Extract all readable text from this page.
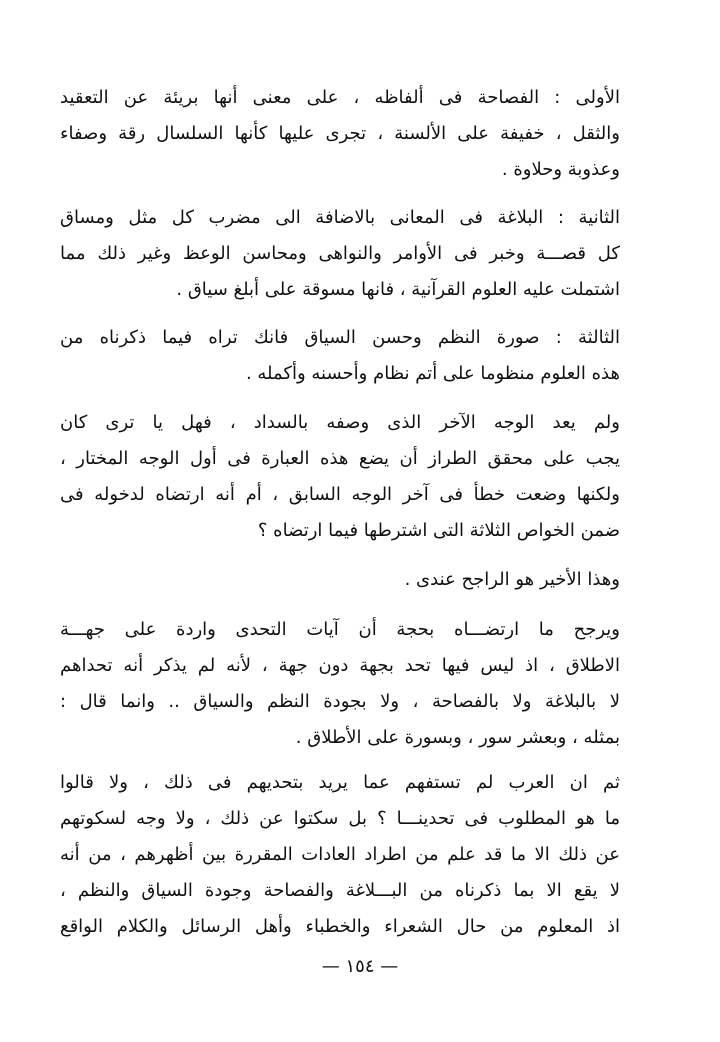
الأولى : الفصاحة فى ألفاظه ، على معنى أنها بريئة عن التعقيد
والثقل ، خفيفة على الألسنة ، تجرى عليها كأنها السلسال رقة وصفاء
وعذوبة وحلاوة .
الثانية : البلاغة فى المعانى بالاضافة الى مضرب كل مثل ومساق
كل قصـــة وخبر فى الأوامر والنواهى ومحاسن الوعظ وغير ذلك مما
اشتملت عليه العلوم القرآنية ، فانها مسوقة على أبلغ سياق .
الثالثة : صورة النظم وحسن السياق فانك تراه فيما ذكرناه من
هذه العلوم منظوما على أتم نظام وأحسنه وأكمله .
ولم يعد الوجه الآخر الذى وصفه بالسداد ، فهل يا ترى كان
يجب على محقق الطراز أن يضع هذه العبارة فى أول الوجه المختار ،
ولكنها وضعت خطأ فى آخر الوجه السابق ، أم أنه ارتضاه لدخوله فى
ضمن الخواص الثلاثة التى اشترطها فيما ارتضاه ؟
وهذا الأخير هو الراجح عندى .
ويرجح ما ارتضـــاه بحجة أن آيات التحدى واردة على جهـــة
الاطلاق ، اذ ليس فيها تحد بجهة دون جهة ، لأنه لم يذكر أنه تحداهم
لا بالبلاغة ولا بالفصاحة ، ولا بجودة النظم والسياق .. وانما قال :
بمثله ، وبعشر سور ، وبسورة على الأطلاق .
ثم ان العرب لم تستفهم عما يريد بتحديهم فى ذلك ، ولا قالوا
ما هو المطلوب فى تحدينـــا ؟ بل سكتوا عن ذلك ، ولا وجه لسكوتهم
عن ذلك الا ما قد علم من اطراد العادات المقررة بين أظهرهم ، من أنه
لا يقع الا بما ذكرناه من البـــلاغة والفصاحة وجودة السياق والنظم ،
اذ المعلوم من حال الشعراء والخطباء وأهل الرسائل والكلام الواقع
— ١٥٤ —
